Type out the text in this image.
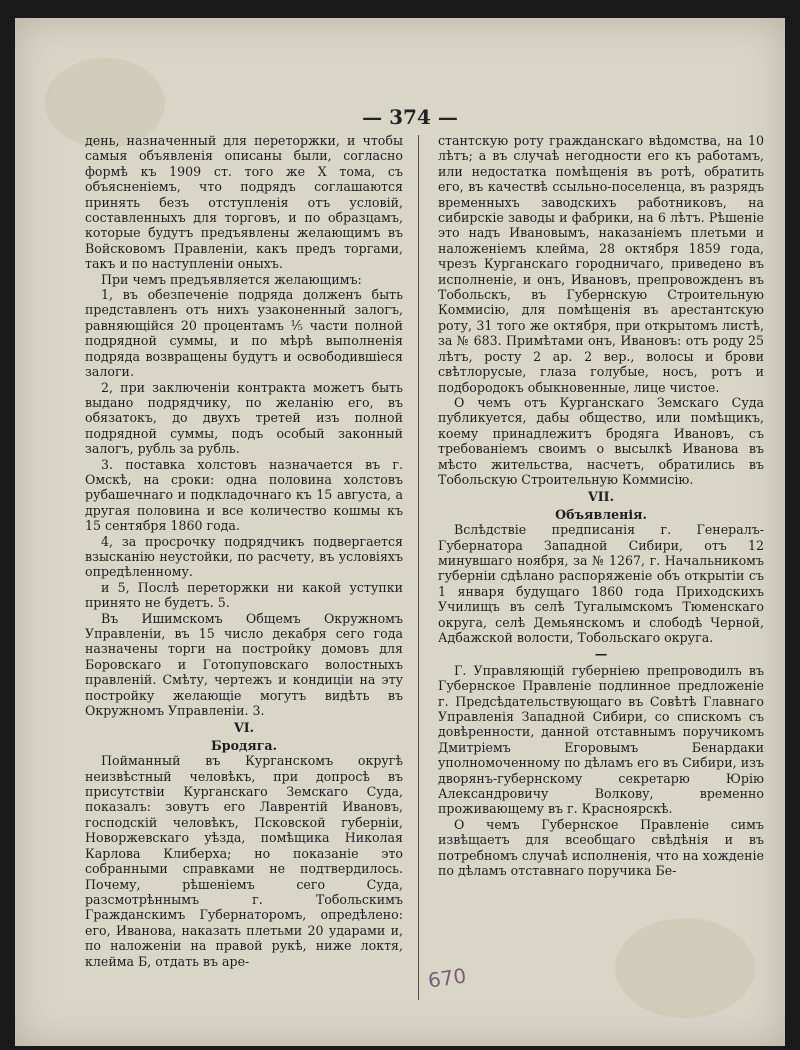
— 374 —

день, назначенный для переторжки, и чтобы самыя объявленія описаны были, согласно формѣ къ 1909 ст. того же X тома, съ объясненіемъ, что подрядъ соглашаются принять безъ отступленія отъ условій, составленныхъ для торговъ, и по образцамъ, которые будутъ предъявлены желающимъ въ Войсковомъ Правленіи, какъ предъ торгами, такъ и по наступленіи оныхъ.

При чемъ предъявляется желающимъ:

1, въ обезпеченіе подряда долженъ быть представленъ отъ нихъ узаконенный залогъ, равняющійся 20 процентамъ ⅕ части полной подрядной суммы, и по мѣрѣ выполненія подряда возвращены будутъ и освободившіеся залоги.

2, при заключеніи контракта можетъ быть выдано подрядчику, по желанію его, въ обязатокъ, до двухъ третей изъ полной подрядной суммы, подъ особый законный залогъ, рубль за рубль.

3. поставка холстовъ назначается въ г. Омскѣ, на сроки: одна половина холстовъ рубашечнаго и подкладочнаго къ 15 августа, а другая половина и все количество кошмы къ 15 сентября 1860 года.

4, за просрочку подрядчикъ подвергается взысканію неустойки, по расчету, въ условіяхъ опредѣленному.

и 5, Послѣ переторжки ни какой уступки принято не будетъ. 5.

Въ Ишимскомъ Общемъ Окружномъ Управленіи, въ 15 число декабря сего года назначены торги на постройку домовъ для Боровскаго и Готопуповскаго волостныхъ правленій. Смѣту, чертежъ и кондиціи на эту постройку желающіе могутъ видѣть въ Окружномъ Управленіи. 3.

VI.
Бродяга.

Пойманный въ Курганскомъ округѣ неизвѣстный человѣкъ, при допросѣ въ присутствіи Курганскаго Земскаго Суда, показалъ: зовутъ его Лаврентій Ивановъ, господскій человѣкъ, Псковской губерніи, Новоржевскаго уѣзда, помѣщика Николая Карлова Клиберха; но показаніе это собранными справками не подтвердилось. Почему, рѣшеніемъ сего Суда, разсмотрѣннымъ г. Тобольскимъ Гражданскимъ Губернаторомъ, опредѣлено: его, Иванова, наказать плетьми 20 ударами и, по наложеніи на правой рукѣ, ниже локтя, клейма Б, отдать въ аре-

стантскую роту гражданскаго вѣдомства, на 10 лѣтъ; а въ случаѣ негодности его къ работамъ, или недостатка помѣщенія въ ротѣ, обратить его, въ качествѣ ссыльно-поселенца, въ разрядъ временныхъ заводскихъ работниковъ, на сибирскіе заводы и фабрики, на 6 лѣтъ. Рѣшеніе это надъ Ивановымъ, наказаніемъ плетьми и наложеніемъ клейма, 28 октября 1859 года, чрезъ Курганскаго городничаго, приведено въ исполненіе, и онъ, Ивановъ, препровожденъ въ Тобольскъ, въ Губернскую Строительную Коммисію, для помѣщенія въ арестантскую роту, 31 того же октября, при открытомъ листѣ, за № 683. Примѣтами онъ, Ивановъ: отъ роду 25 лѣтъ, росту 2 ар. 2 вер., волосы и брови свѣтлорусые, глаза голубые, носъ, ротъ и подбородокъ обыкновенные, лице чистое.

О чемъ отъ Курганскаго Земскаго Суда публикуется, дабы общество, или помѣщикъ, коему принадлежитъ бродяга Ивановъ, съ требованіемъ своимъ о высылкѣ Иванова въ мѣсто жительства, насчетъ, обратились въ Тобольскую Строительную Коммисію.

VII.
Объявленія.

Вслѣдствіе предписанія г. Генералъ-Губернатора Западной Сибири, отъ 12 минувшаго ноября, за № 1267, г. Начальникомъ губерніи сдѣлано распоряженіе объ открытіи съ 1 января будущаго 1860 года Приходскихъ Училищъ въ селѣ Тугалымскомъ Тюменскаго округа, селѣ Демьянскомъ и слободѣ Черной, Адбажской волости, Тобольскаго округа.

—

Г. Управляющій губерніею препроводилъ въ Губернское Правленіе подлинное предложеніе г. Предсѣдательствующаго въ Совѣтѣ Главнаго Управленія Западной Сибири, со спискомъ съ довѣренности, данной отставнымъ поручикомъ Дмитріемъ Егоровымъ Бенардаки уполномоченному по дѣламъ его въ Сибири, изъ дворянъ-губернскому секретарю Юрію Александровичу Волкову, временно проживающему въ г. Красноярскѣ.

О чемъ Губернское Правленіе симъ извѣщаетъ для всеобщаго свѣдѣнія и въ потребномъ случаѣ исполненія, что на хожденіе по дѣламъ отставнаго поручика Бе-

670
